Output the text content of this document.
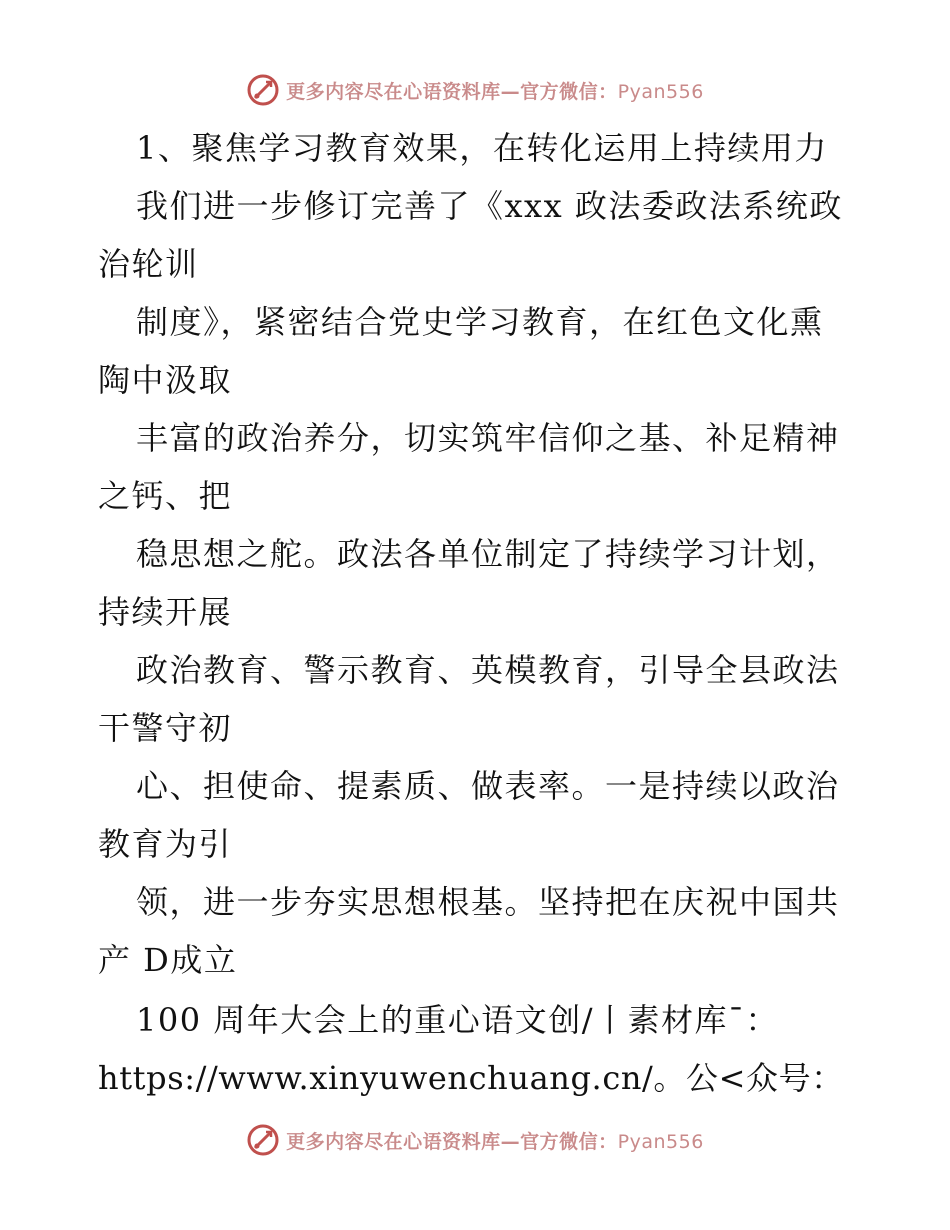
更多内容尽在心语资料库—官方微信：Pyan556
1、聚焦学习教育效果，在转化运用上持续用力
我们进一步修订完善了《xxx 政法委政法系统政
治轮训
制度》，紧密结合党史学习教育，在红色文化熏
陶中汲取
丰富的政治养分，切实筑牢信仰之基、补足精神
之钙、把
稳思想之舵。政法各单位制定了持续学习计划，
持续开展
政治教育、警示教育、英模教育，引导全县政法
干警守初
心、担使命、提素质、做表率。一是持续以政治
教育为引
领，进一步夯实思想根基。坚持把在庆祝中国共
产 D成立
100 周年大会上的重心语文创/丨素材库¯：
https://www.xinyuwenchuang.cn/。公<众号：
更多内容尽在心语资料库—官方微信：Pyan556
